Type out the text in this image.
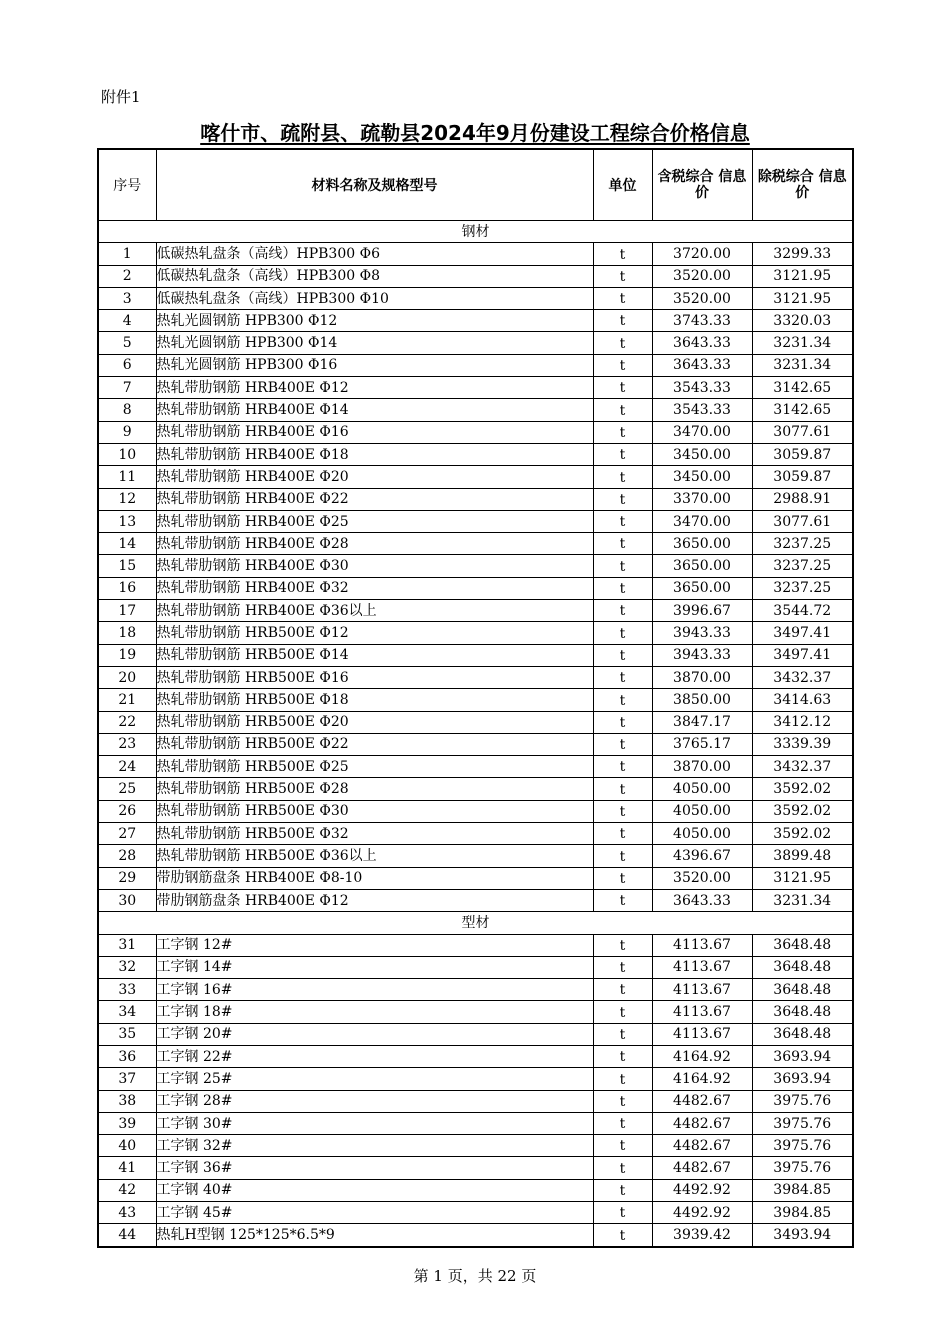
附件1
喀什市、疏附县、疏勒县2024年9月份建设工程综合价格信息
序号	材料名称及规格型号	单位	含税综合 信息价	除税综合 信息价
钢材				
1	低碳热轧盘条（高线）HPB300 Φ6	t	3720.00	3299.33
2	低碳热轧盘条（高线）HPB300 Φ8	t	3520.00	3121.95
3	低碳热轧盘条（高线）HPB300 Φ10	t	3520.00	3121.95
4	热轧光圆钢筋 HPB300 Φ12	t	3743.33	3320.03
5	热轧光圆钢筋 HPB300 Φ14	t	3643.33	3231.34
6	热轧光圆钢筋 HPB300 Φ16	t	3643.33	3231.34
7	热轧带肋钢筋 HRB400E Φ12	t	3543.33	3142.65
8	热轧带肋钢筋 HRB400E Φ14	t	3543.33	3142.65
9	热轧带肋钢筋 HRB400E Φ16	t	3470.00	3077.61
10	热轧带肋钢筋 HRB400E Φ18	t	3450.00	3059.87
11	热轧带肋钢筋 HRB400E Φ20	t	3450.00	3059.87
12	热轧带肋钢筋 HRB400E Φ22	t	3370.00	2988.91
13	热轧带肋钢筋 HRB400E Φ25	t	3470.00	3077.61
14	热轧带肋钢筋 HRB400E Φ28	t	3650.00	3237.25
15	热轧带肋钢筋 HRB400E Φ30	t	3650.00	3237.25
16	热轧带肋钢筋 HRB400E Φ32	t	3650.00	3237.25
17	热轧带肋钢筋 HRB400E Φ36以上	t	3996.67	3544.72
18	热轧带肋钢筋 HRB500E Φ12	t	3943.33	3497.41
19	热轧带肋钢筋 HRB500E Φ14	t	3943.33	3497.41
20	热轧带肋钢筋 HRB500E Φ16	t	3870.00	3432.37
21	热轧带肋钢筋 HRB500E Φ18	t	3850.00	3414.63
22	热轧带肋钢筋 HRB500E Φ20	t	3847.17	3412.12
23	热轧带肋钢筋 HRB500E Φ22	t	3765.17	3339.39
24	热轧带肋钢筋 HRB500E Φ25	t	3870.00	3432.37
25	热轧带肋钢筋 HRB500E Φ28	t	4050.00	3592.02
26	热轧带肋钢筋 HRB500E Φ30	t	4050.00	3592.02
27	热轧带肋钢筋 HRB500E Φ32	t	4050.00	3592.02
28	热轧带肋钢筋 HRB500E Φ36以上	t	4396.67	3899.48
29	带肋钢筋盘条 HRB400E Φ8-10	t	3520.00	3121.95
30	带肋钢筋盘条 HRB400E Φ12	t	3643.33	3231.34
型材				
31	工字钢 12#	t	4113.67	3648.48
32	工字钢 14#	t	4113.67	3648.48
33	工字钢 16#	t	4113.67	3648.48
34	工字钢 18#	t	4113.67	3648.48
35	工字钢 20#	t	4113.67	3648.48
36	工字钢 22#	t	4164.92	3693.94
37	工字钢 25#	t	4164.92	3693.94
38	工字钢 28#	t	4482.67	3975.76
39	工字钢 30#	t	4482.67	3975.76
40	工字钢 32#	t	4482.67	3975.76
41	工字钢 36#	t	4482.67	3975.76
42	工字钢 40#	t	4492.92	3984.85
43	工字钢 45#	t	4492.92	3984.85
44	热轧H型钢 125*125*6.5*9	t	3939.42	3493.94
第 1 页，共 22 页
